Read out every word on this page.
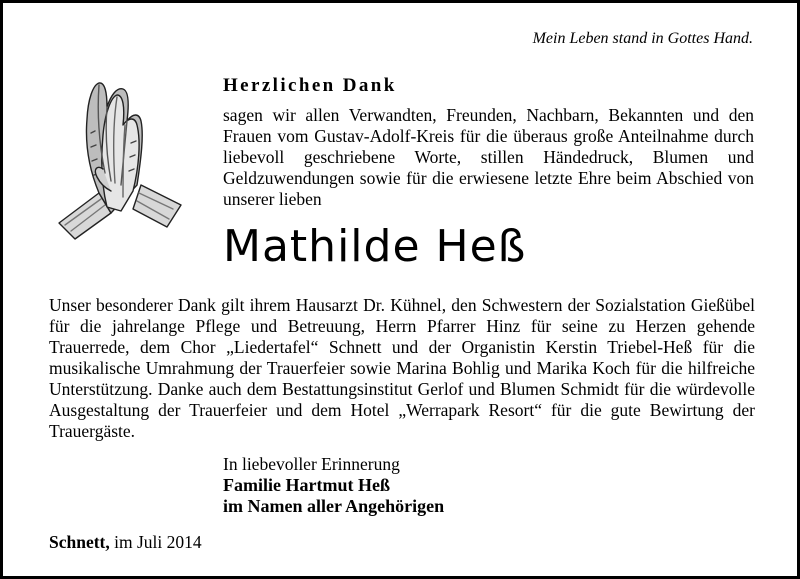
Mein Leben stand in Gottes Hand.
Herzlichen Dank
sagen wir allen Verwandten, Freunden, Nachbarn, Bekannten und den Frauen vom Gustav-Adolf-Kreis für die überaus große Anteilnahme durch liebevoll geschriebene Worte, stillen Händedruck, Blumen und Geldzuwendungen sowie für die erwiesene letzte Ehre beim Abschied von unserer lieben
Mathilde Heß
Unser besonderer Dank gilt ihrem Hausarzt Dr. Kühnel, den Schwestern der Sozialstation Gießübel für die jahrelange Pflege und Betreuung, Herrn Pfarrer Hinz für seine zu Herzen gehende Trauerrede, dem Chor „Liedertafel“ Schnett und der Organistin Kerstin Triebel-Heß für die musikalische Umrahmung der Trauerfeier sowie Marina Bohlig und Marika Koch für die hilfreiche Unterstützung. Danke auch dem Bestattungsinstitut Gerlof und Blumen Schmidt für die würdevolle Ausgestaltung der Trauerfeier und dem Hotel „Werrapark Resort“ für die gute Bewirtung der Trauergäste.
In liebevoller Erinnerung
Familie Hartmut Heß
im Namen aller Angehörigen
Schnett, im Juli 2014
